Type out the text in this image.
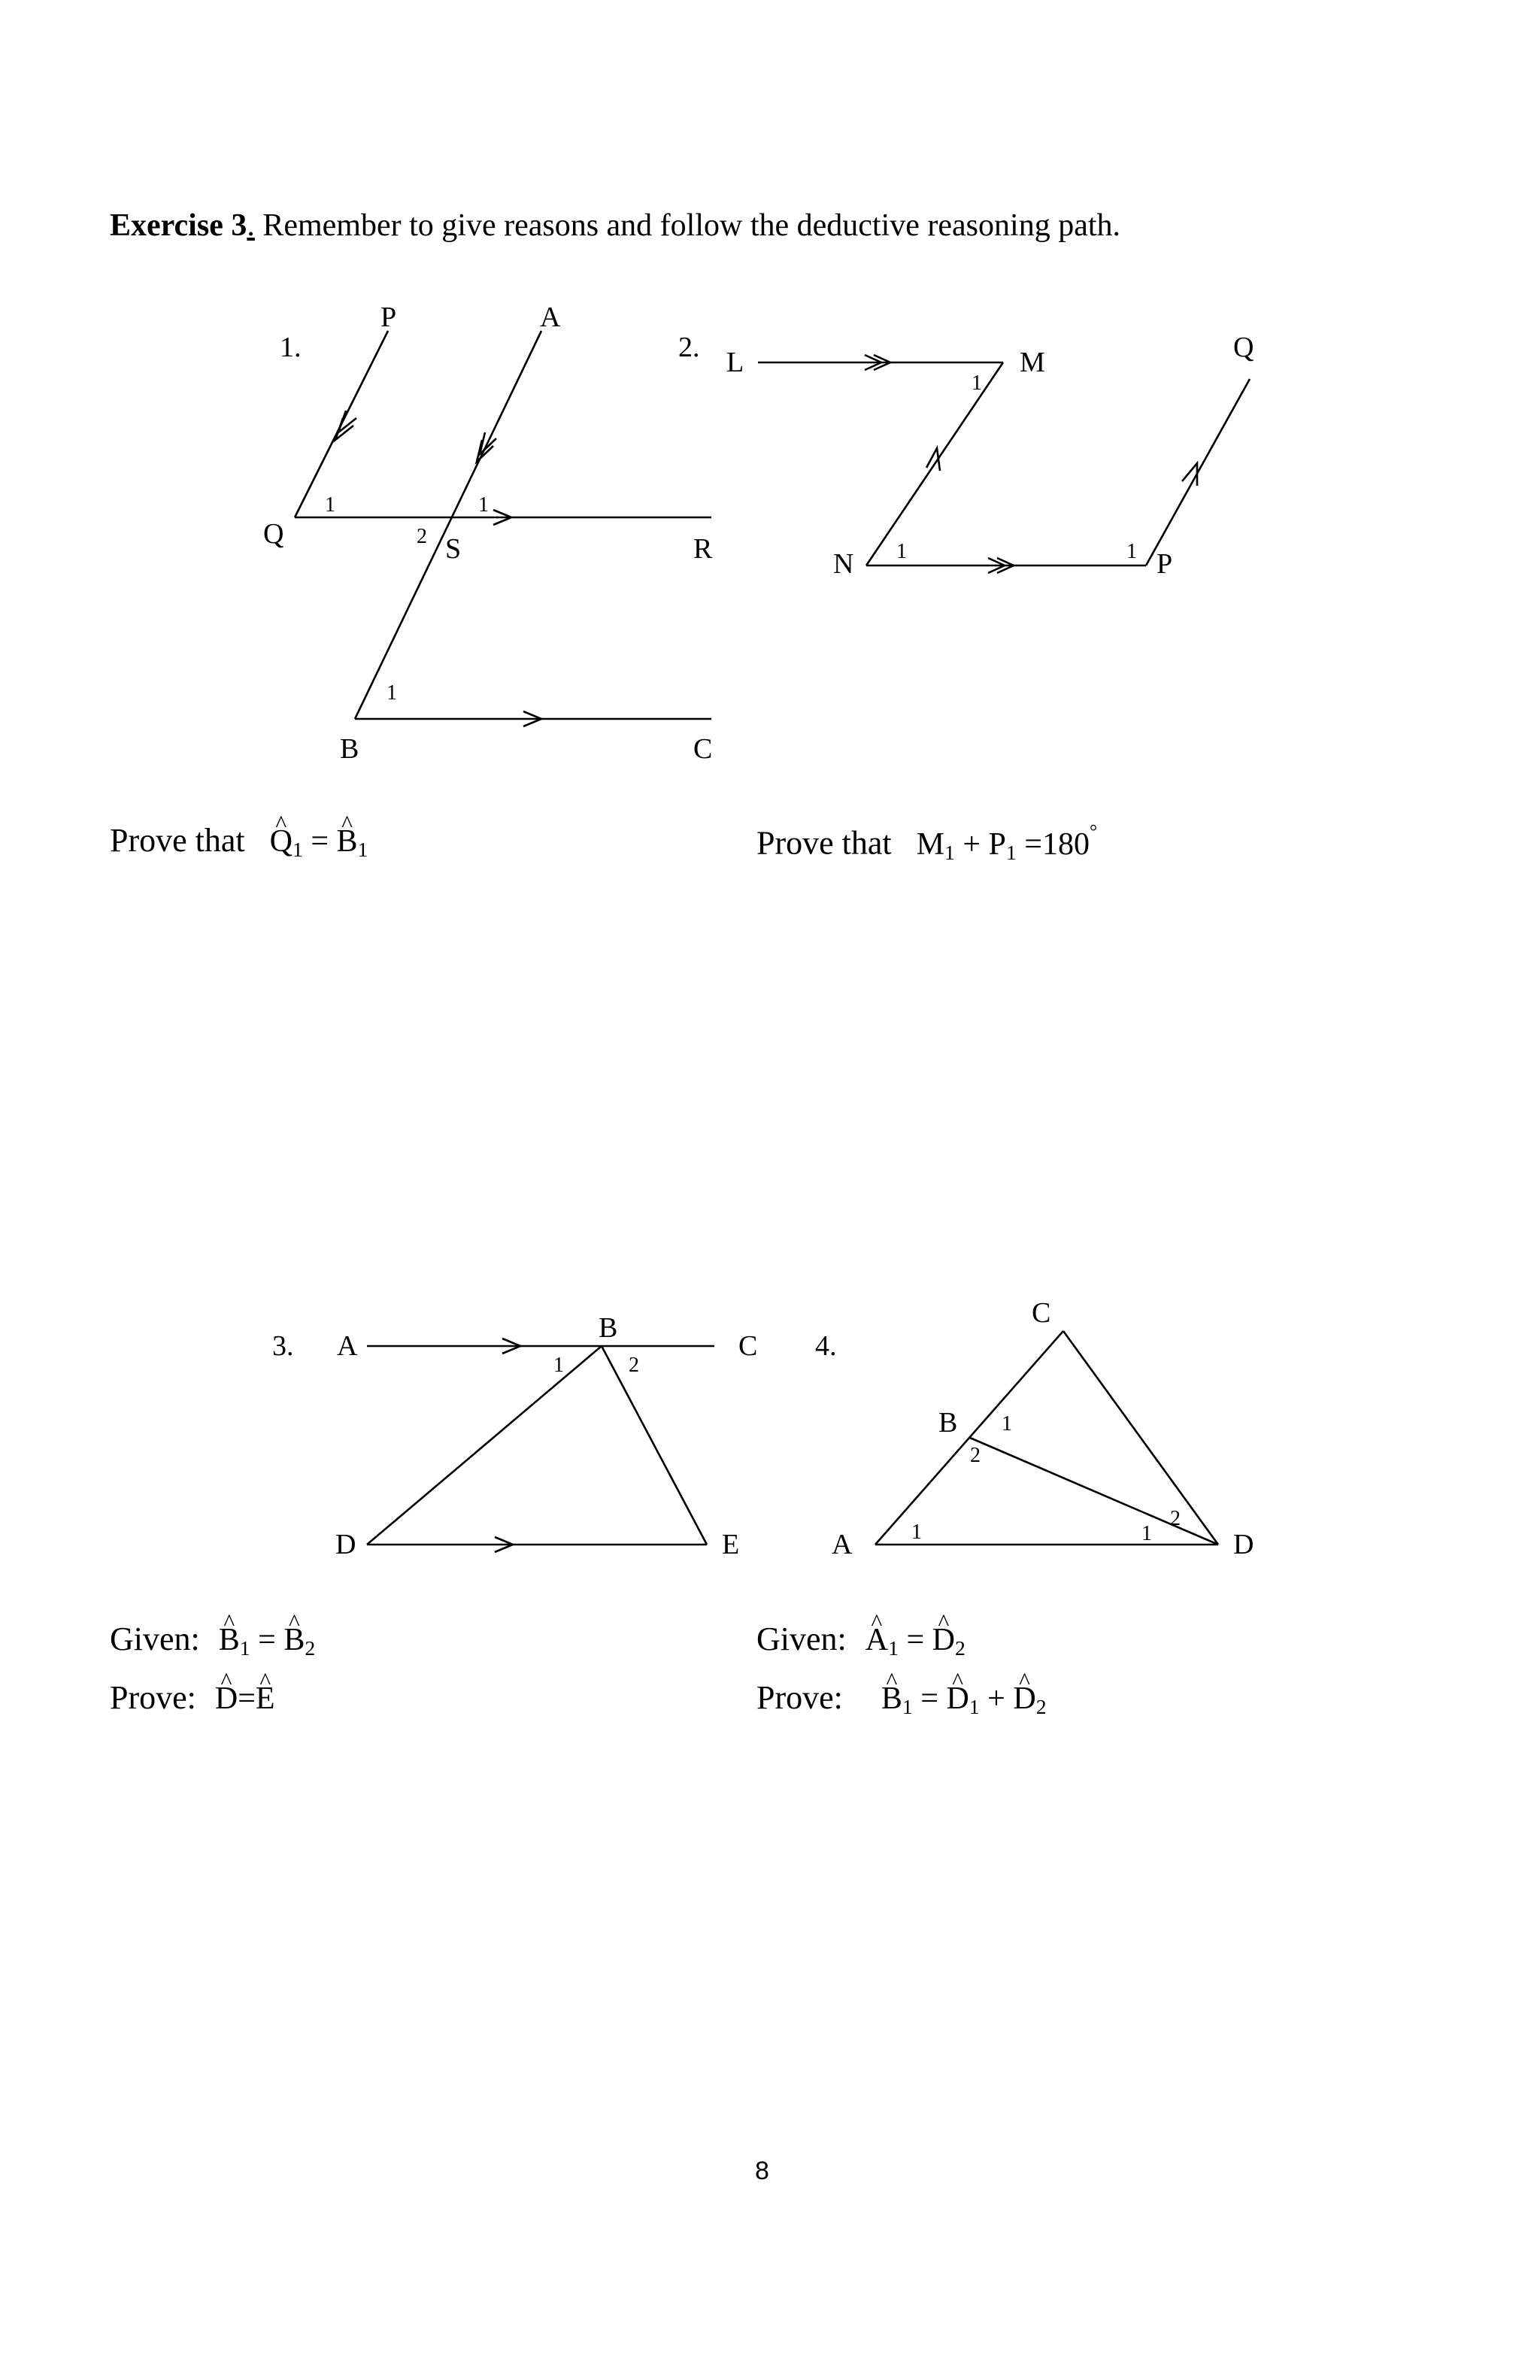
Exercise 3. Remember to give reasons and follow the deductive reasoning path.
1.
P	A
Q	S	R
B	C
1	1
2
1
2. L	M	Q
N	P
1
1	1
3. A
B
C
D	E
1	2
4.
C
B
A	D
1
2
1	1
2
Prove that ^ $Q_1$ = ^ $B_1$	Prove that $M_1 + P_1 =180^\circ$
Given: ^ $B_1$ = ^ $B_2$
Prove: ^ D=^ E
Given: ^ $A_1$ = ^ $D_2$
Prove: ^ $B_1$ = ^ $D_1$ + ^ $D_2$
8
